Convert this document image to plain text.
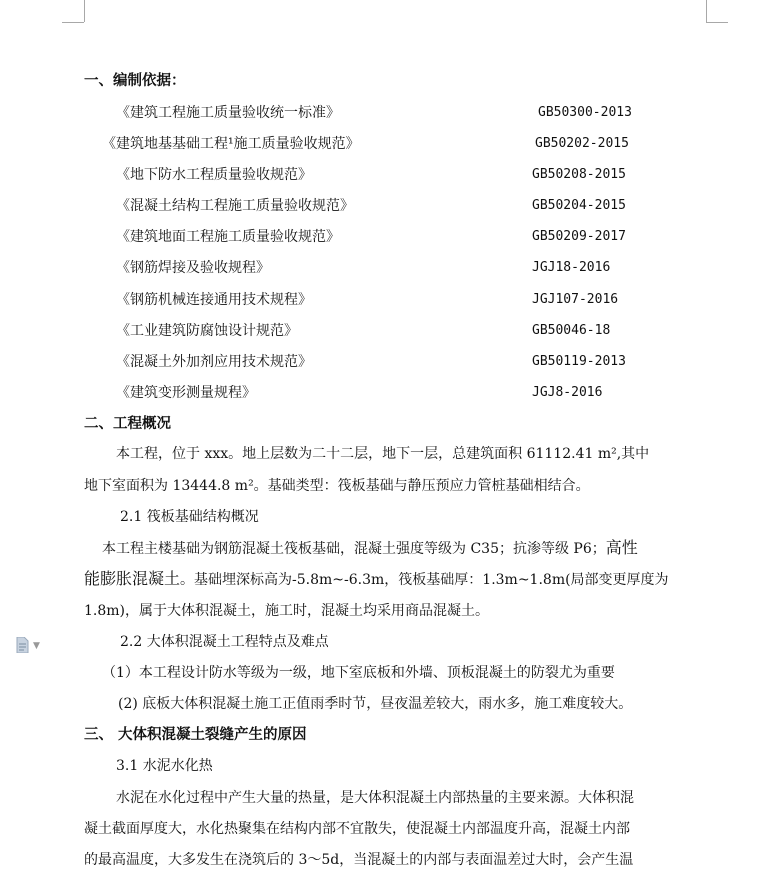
一、编制依据：
《建筑工程施工质量验收统一标准》	GB50300-2013
《建筑地基基础工程¹施工质量验收规范》	GB50202-2015
《地下防水工程质量验收规范》	GB50208-2015
《混凝土结构工程施工质量验收规范》	GB50204-2015
《建筑地面工程施工质量验收规范》	GB50209-2017
《钢筋焊接及验收规程》	JGJ18-2016
《钢筋机械连接通用技术规程》	JGJ107-2016
《工业建筑防腐蚀设计规范》	GB50046-18
《混凝土外加剂应用技术规范》	GB50119-2013
《建筑变形测量规程》	JGJ8-2016
二、工程概况
本工程，位于 xxx。地上层数为二十二层，地下一层，总建筑面积 61112.41 m²,其中
地下室面积为 13444.8 m²。基础类型：筏板基础与静压预应力管桩基础相结合。
2.1 筏板基础结构概况
本工程主楼基础为钢筋混凝土筏板基础，混凝土强度等级为 C35；抗渗等级 P6；高性
能膨胀混凝土。基础埋深标高为-5.8m~-6.3m，筏板基础厚：1.3m~1.8m(局部变更厚度为
1.8m)，属于大体积混凝土，施工时，混凝土均采用商品混凝土。
▼	2.2 大体积混凝土工程特点及难点
（1）本工程设计防水等级为一级，地下室底板和外墙、顶板混凝土的防裂尤为重要
(2) 底板大体积混凝土施工正值雨季时节，昼夜温差较大，雨水多，施工难度较大。
三、 大体积混凝土裂缝产生的原因
3.1 水泥水化热
水泥在水化过程中产生大量的热量，是大体积混凝土内部热量的主要来源。大体积混
凝土截面厚度大，水化热聚集在结构内部不宜散失，使混凝土内部温度升高，混凝土内部
的最高温度，大多发生在浇筑后的 3～5d，当混凝土的内部与表面温差过大时，会产生温
